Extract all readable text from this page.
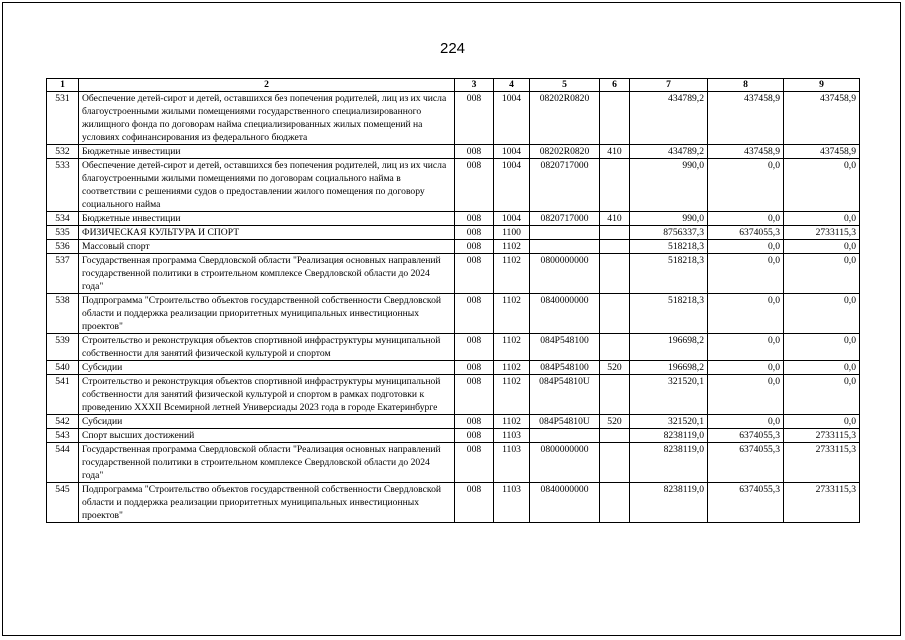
224
1	2	3	4	5	6	7	8	9
531	Обеспечение детей-сирот и детей, оставшихся без попечения родителей, лиц из их числа благоустроенными жилыми помещениями государственного специализированного жилищного фонда по договорам найма специализированных жилых помещений на условиях софинансирования из федерального бюджета	008	1004	08202R0820		434789,2	437458,9	437458,9
532	Бюджетные инвестиции	008	1004	08202R0820	410	434789,2	437458,9	437458,9
533	Обеспечение детей-сирот и детей, оставшихся без попечения родителей, лиц из их числа благоустроенными жилыми помещениями по договорам социального найма в соответствии с решениями судов о предоставлении жилого помещения по договору социального найма	008	1004	0820717000		990,0	0,0	0,0
534	Бюджетные инвестиции	008	1004	0820717000	410	990,0	0,0	0,0
535	ФИЗИЧЕСКАЯ КУЛЬТУРА И СПОРТ	008	1100			8756337,3	6374055,3	2733115,3
536	Массовый спорт	008	1102			518218,3	0,0	0,0
537	Государственная программа Свердловской области "Реализация основных направлений государственной политики в строительном комплексе Свердловской области до 2024 года"	008	1102	0800000000		518218,3	0,0	0,0
538	Подпрограмма "Строительство объектов государственной собственности Свердловской области и поддержка реализации приоритетных муниципальных инвестиционных проектов"	008	1102	0840000000		518218,3	0,0	0,0
539	Строительство и реконструкция объектов спортивной инфраструктуры муниципальной собственности для занятий физической культурой и спортом	008	1102	084P548100		196698,2	0,0	0,0
540	Субсидии	008	1102	084P548100	520	196698,2	0,0	0,0
541	Строительство и реконструкция объектов спортивной инфраструктуры муниципальной собственности для занятий физической культурой и спортом в рамках подготовки к проведению XXXII Всемирной летней Универсиады 2023 года в городе Екатеринбурге	008	1102	084P54810U		321520,1	0,0	0,0
542	Субсидии	008	1102	084P54810U	520	321520,1	0,0	0,0
543	Спорт высших достижений	008	1103			8238119,0	6374055,3	2733115,3
544	Государственная программа Свердловской области "Реализация основных направлений государственной политики в строительном комплексе Свердловской области до 2024 года"	008	1103	0800000000		8238119,0	6374055,3	2733115,3
545	Подпрограмма "Строительство объектов государственной собственности Свердловской области и поддержка реализации приоритетных муниципальных инвестиционных проектов"	008	1103	0840000000		8238119,0	6374055,3	2733115,3
